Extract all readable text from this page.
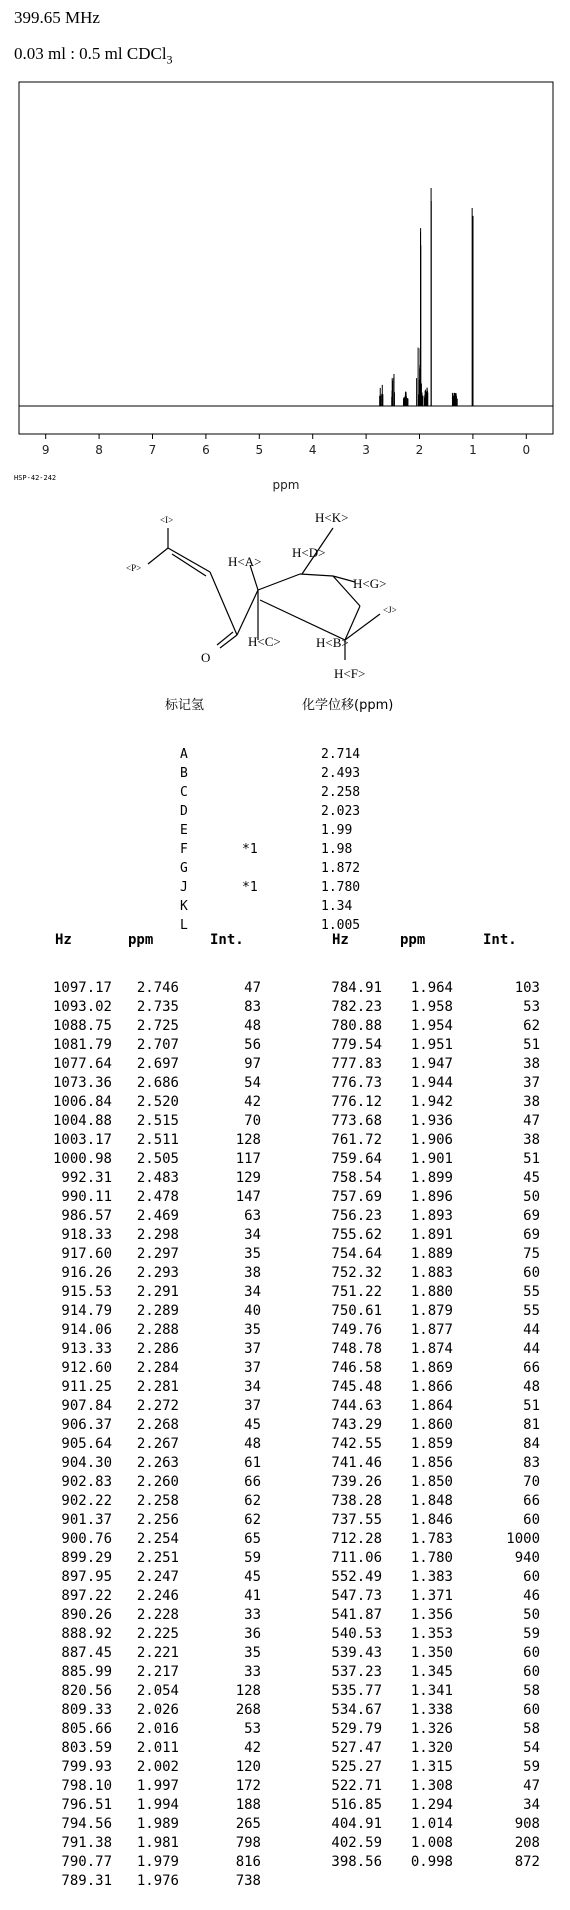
399.65 MHz
0.03 ml : 0.5 ml CDCl$_3$
9	8	7	6	5	4	3	2	1	0
ppm
HSP-42-242
<I>
<P>	H<A>
H<D>
H<K>
H<G>
<J>
H<C>	H<B>
H<F>
O
标记氢	化学位移(ppm)
A	2.714
B	2.493
C	2.258
D	2.023
E	1.99
F	*1	1.98
G	1.872
J	*1	1.780
K	1.34
L	1.005
Hz	ppm	Int.	Hz	ppm	Int.
1097.17 2.746	47
1093.02 2.735	83
1088.75 2.725	48
1081.79 2.707	56
1077.64 2.697	97
1073.36 2.686	54
1006.84 2.520	42
1004.88 2.515	70
1003.17 2.511	128
1000.98 2.505	117
992.31 2.483	129
990.11 2.478	147
986.57 2.469	63
918.33 2.298	34
917.60 2.297	35
916.26 2.293	38
915.53 2.291	34
914.79 2.289	40
914.06 2.288	35
913.33 2.286	37
912.60 2.284	37
911.25 2.281	34
907.84 2.272	37
906.37 2.268	45
905.64 2.267	48
904.30 2.263	61
902.83 2.260	66
902.22 2.258	62
901.37 2.256	62
900.76 2.254	65
899.29 2.251	59
897.95 2.247	45
897.22 2.246	41
890.26 2.228	33
888.92 2.225	36
887.45 2.221	35
885.99 2.217	33
820.56 2.054	128
809.33 2.026	268
805.66 2.016	53
803.59 2.011	42
799.93 2.002	120
798.10 1.997	172
796.51 1.994	188
794.56 1.989	265
791.38 1.981	798
790.77 1.979	816
789.31 1.976	738
784.91 1.964	103
782.23 1.958	53
780.88 1.954	62
779.54 1.951	51
777.83 1.947	38
776.73 1.944	37
776.12 1.942	38
773.68 1.936	47
761.72 1.906	38
759.64 1.901	51
758.54 1.899	45
757.69 1.896	50
756.23 1.893	69
755.62 1.891	69
754.64 1.889	75
752.32 1.883	60
751.22 1.880	55
750.61 1.879	55
749.76 1.877	44
748.78 1.874	44
746.58 1.869	66
745.48 1.866	48
744.63 1.864	51
743.29 1.860	81
742.55 1.859	84
741.46 1.856	83
739.26 1.850	70
738.28 1.848	66
737.55 1.846	60
712.28 1.783	1000
711.06 1.780	940
552.49 1.383	60
547.73 1.371	46
541.87 1.356	50
540.53 1.353	59
539.43 1.350	60
537.23 1.345	60
535.77 1.341	58
534.67 1.338	60
529.79 1.326	58
527.47 1.320	54
525.27 1.315	59
522.71 1.308	47
516.85 1.294	34
404.91 1.014	908
402.59 1.008	208
398.56 0.998	872
